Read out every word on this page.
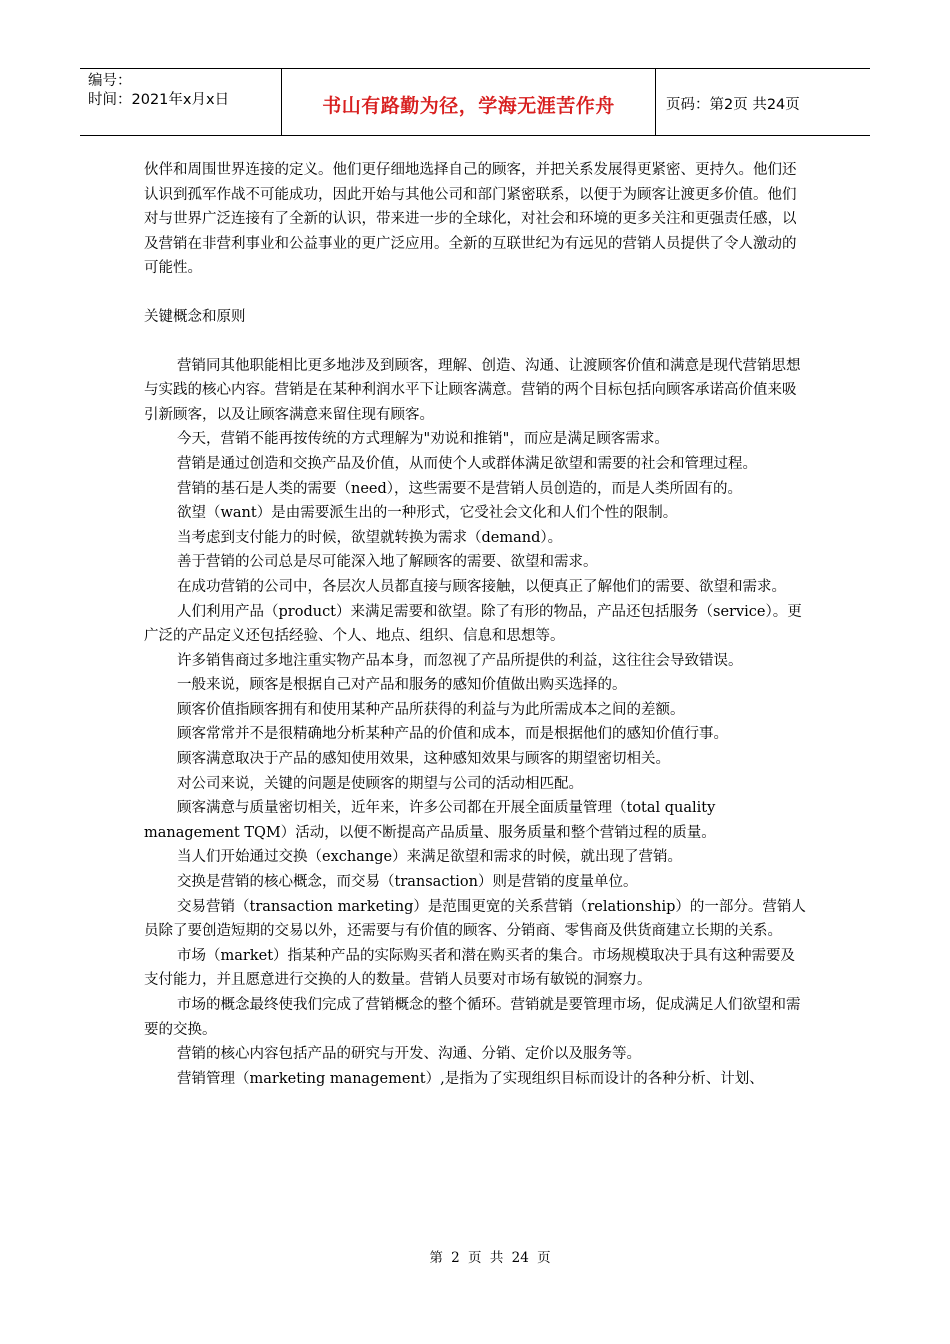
编号：
时间：2021年x月x日	书山有路勤为径，学海无涯苦作舟	页码：第2页 共24页

伙伴和周围世界连接的定义。他们更仔细地选择自己的顾客，并把关系发展得更紧密、更持久。他们还认识到孤军作战不可能成功，因此开始与其他公司和部门紧密联系，以便于为顾客让渡更多价值。他们对与世界广泛连接有了全新的认识，带来进一步的全球化，对社会和环境的更多关注和更强责任感，以及营销在非营利事业和公益事业的更广泛应用。全新的互联世纪为有远见的营销人员提供了令人激动的可能性。

关键概念和原则

营销同其他职能相比更多地涉及到顾客，理解、创造、沟通、让渡顾客价值和满意是现代营销思想与实践的核心内容。营销是在某种利润水平下让顾客满意。营销的两个目标包括向顾客承诺高价值来吸引新顾客，以及让顾客满意来留住现有顾客。

今天，营销不能再按传统的方式理解为"劝说和推销"，而应是满足顾客需求。

营销是通过创造和交换产品及价值，从而使个人或群体满足欲望和需要的社会和管理过程。

营销的基石是人类的需要（need），这些需要不是营销人员创造的，而是人类所固有的。

欲望（want）是由需要派生出的一种形式，它受社会文化和人们个性的限制。

当考虑到支付能力的时候，欲望就转换为需求（demand）。

善于营销的公司总是尽可能深入地了解顾客的需要、欲望和需求。

在成功营销的公司中，各层次人员都直接与顾客接触，以便真正了解他们的需要、欲望和需求。

人们利用产品（product）来满足需要和欲望。除了有形的物品，产品还包括服务（service）。更广泛的产品定义还包括经验、个人、地点、组织、信息和思想等。

许多销售商过多地注重实物产品本身，而忽视了产品所提供的利益，这往往会导致错误。

一般来说，顾客是根据自己对产品和服务的感知价值做出购买选择的。

顾客价值指顾客拥有和使用某种产品所获得的利益与为此所需成本之间的差额。

顾客常常并不是很精确地分析某种产品的价值和成本，而是根据他们的感知价值行事。

顾客满意取决于产品的感知使用效果，这种感知效果与顾客的期望密切相关。

对公司来说，关键的问题是使顾客的期望与公司的活动相匹配。

顾客满意与质量密切相关，近年来，许多公司都在开展全面质量管理（total quality management TQM）活动，以便不断提高产品质量、服务质量和整个营销过程的质量。

当人们开始通过交换（exchange）来满足欲望和需求的时候，就出现了营销。

交换是营销的核心概念，而交易（transaction）则是营销的度量单位。

交易营销（transaction marketing）是范围更宽的关系营销（relationship）的一部分。营销人员除了要创造短期的交易以外，还需要与有价值的顾客、分销商、零售商及供货商建立长期的关系。

市场（market）指某种产品的实际购买者和潜在购买者的集合。市场规模取决于具有这种需要及支付能力，并且愿意进行交换的人的数量。营销人员要对市场有敏锐的洞察力。

市场的概念最终使我们完成了营销概念的整个循环。营销就是要管理市场，促成满足人们欲望和需要的交换。

营销的核心内容包括产品的研究与开发、沟通、分销、定价以及服务等。

营销管理（marketing management）,是指为了实现组织目标而设计的各种分析、计划、

第 2 页 共 24 页
